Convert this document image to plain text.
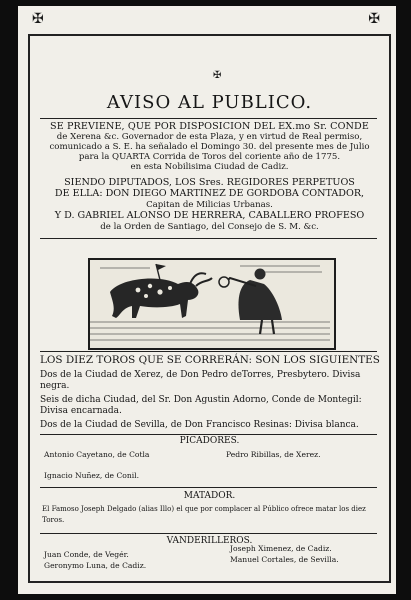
✠	✠
✠
AVISO AL PUBLICO.
SE PREVIENE, QUE POR DISPOSICION DEL EX.mo Sr. CONDE
de Xerena &c. Governador de esta Plaza, y en virtud de Real permiso,
comunicado a S. E. ha señalado el Domingo 30. del presente mes de Julio
para la QUARTA Corrida de Toros del coriente año de 1775.
en esta Nobilisima Ciudad de Cadiz.
SIENDO DIPUTADOS, LOS Sres. REGIDORES PERPETUOS
DE ELLA: DON DIEGO MARTINEZ DE GORDOBA CONTADOR,
Capitan de Milicias Urbanas.
Y D. GABRIEL ALONSO DE HERRERA, CABALLERO PROFESO
de la Orden de Santiago, del Consejo de S. M. &c.
LOS DIEZ TOROS QUE SE CORRERÁN: SON LOS SIGUIENTES
Dos de la Ciudad de Xerez, de Don Pedro deTorres, Presbytero. Divisa
negra.
Seis de dicha Ciudad, del Sr. Don Agustin Adorno, Conde de Montegil:
Divisa encarnada.
Dos de la Ciudad de Sevilla, de Don Francisco Resinas: Divisa blanca.
PICADORES.
Antonio Cayetano, de Cotla
Ignacio Nuñez, de Conil.
Pedro Ribillas, de Xerez.
MATADOR.
El Famoso Joseph Delgado (alias Illo) el que por complacer al Público ofrece matar los diez
Toros.
VANDERILLEROS.
Juan Conde, de Vegér.
Geronymo Luna, de Cadiz.
Joseph Ximenez, de Cadiz.
Manuel Cortales, de Sevilla.
